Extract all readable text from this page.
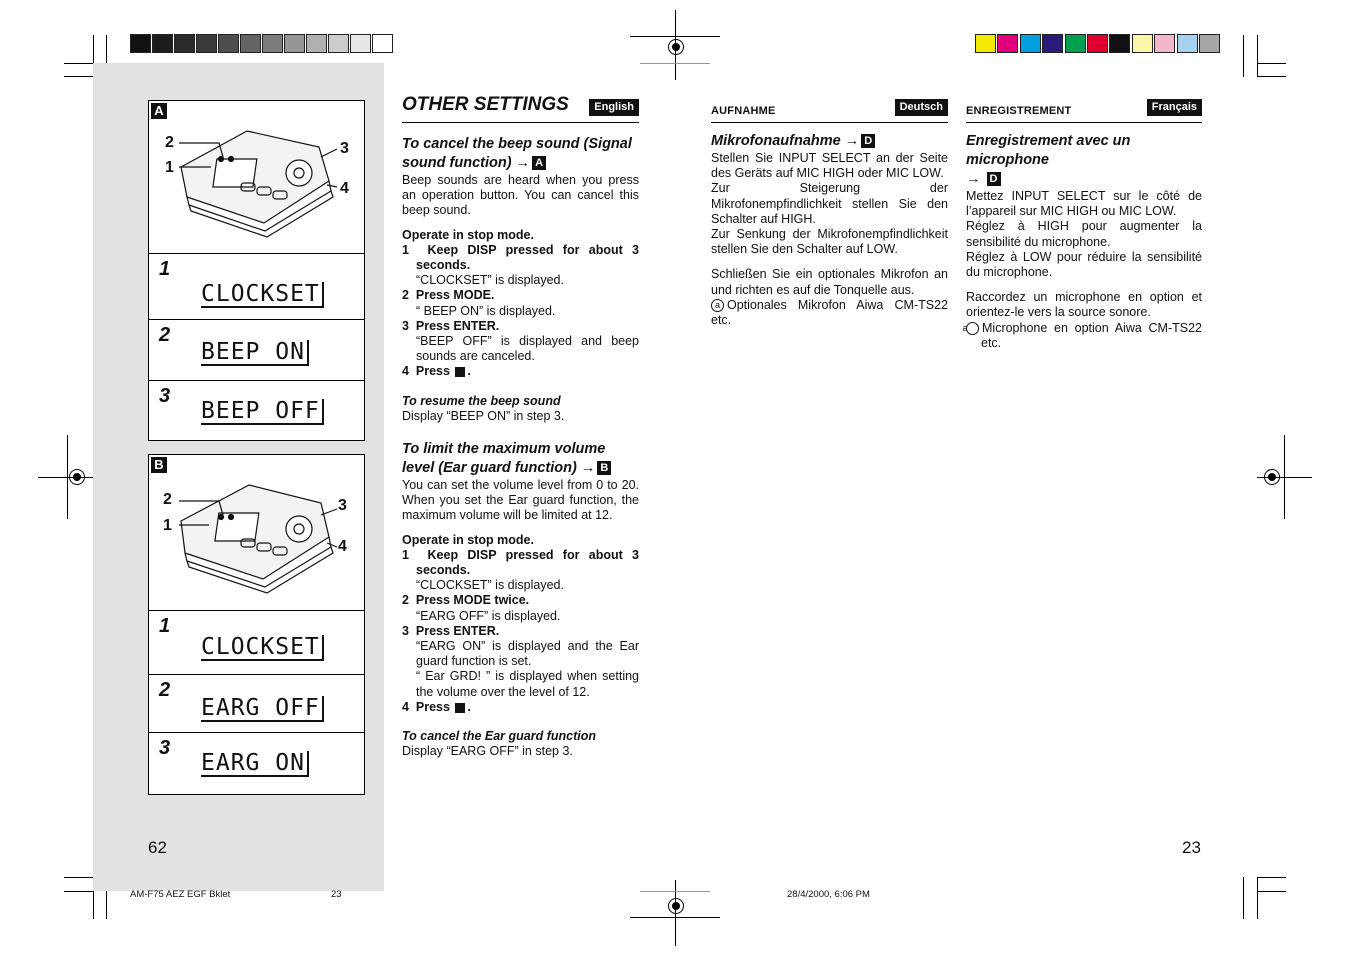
A
2
1
3
4
1
CLOCKSET
2
BEEP ON
3
BEEP OFF
B
2
1
3
4
1
CLOCKSET
2
EARG OFF
3
EARG ON
OTHER SETTINGS	English
To cancel the beep sound (Signal sound function) → A

Beep sounds are heard when you press an operation button. You can cancel this beep sound.

Operate in stop mode.

1 Keep DISP pressed for about 3 seconds.
“CLOCKSET” is displayed.
2 Press MODE.
“ BEEP ON” is displayed.
3 Press ENTER.
“BEEP OFF” is displayed and beep sounds are canceled.
4 Press .
To resume the beep sound

Display “BEEP ON” in step 3.

To limit the maximum volume level (Ear guard function) → B

You can set the volume level from 0 to 20. When you set the Ear guard function, the maximum volume will be limited at 12.

Operate in stop mode.

1 Keep DISP pressed for about 3 seconds.
“CLOCKSET” is displayed.
2 Press MODE twice.
“EARG OFF” is displayed.
3 Press ENTER.
“EARG ON” is displayed and the Ear guard function is set.
“ Ear GRD! ” is displayed when setting the volume over the level of 12.
4 Press .
To cancel the Ear guard function

Display “EARG OFF” in step 3.

AUFNAHME	Deutsch
Mikrofonaufnahme → D

Stellen Sie INPUT SELECT an der Seite des Geräts auf MIC HIGH oder MIC LOW.

Zur Steigerung der Mikrofonempfindlichkeit stellen Sie den Schalter auf HIGH.

Zur Senkung der Mikrofonempfindlichkeit stellen Sie den Schalter auf LOW.

Schließen Sie ein optionales Mikrofon an und richten es auf die Tonquelle aus.

a Optionales Mikrofon Aiwa CM-TS22 etc.

ENREGISTREMENT	Français
Enregistrement avec un microphone
→ D

Mettez INPUT SELECT sur le côté de l’appareil sur MIC HIGH ou MIC LOW.

Réglez à HIGH pour augmenter la sensibilité du microphone.

Réglez à LOW pour réduire la sensibilité du microphone.

Raccordez un microphone en option et orientez-le vers la source sonore.

a Microphone en option Aiwa CM-TS22 etc.

62	23
AM-F75 AEZ EGF Bklet	23	28/4/2000, 6:06 PM
